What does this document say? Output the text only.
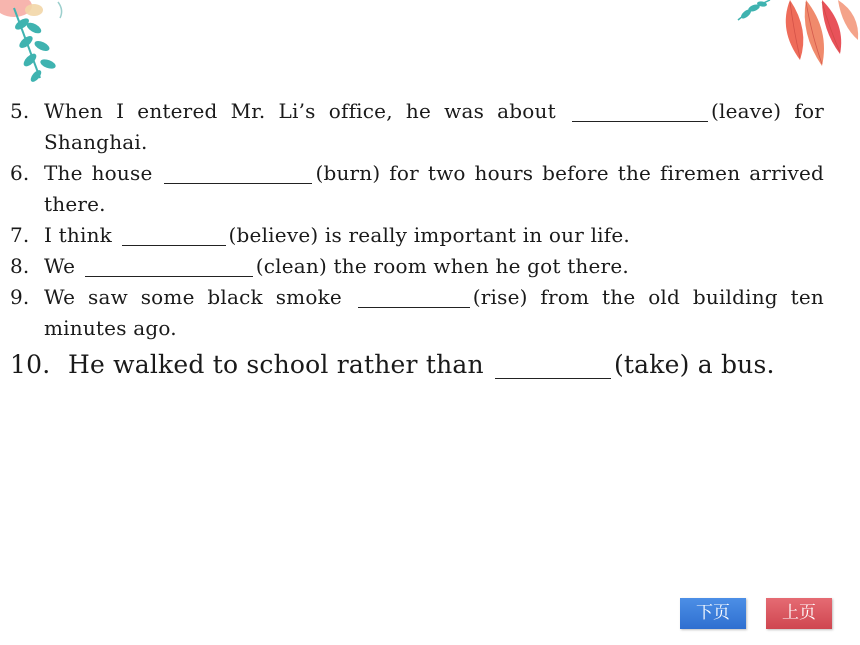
5. When I entered Mr. Li’s office, he was about	(leave) for Shanghai.
6. The house	(burn) for two hours before the firemen arrived there.
7. I think	(believe) is really important in our life.
8. We	(clean) the room when he got there.
9. We saw some black smoke	(rise) from the old building ten minutes ago.
10. He walked to school rather than	(take) a bus.
下页	上页
